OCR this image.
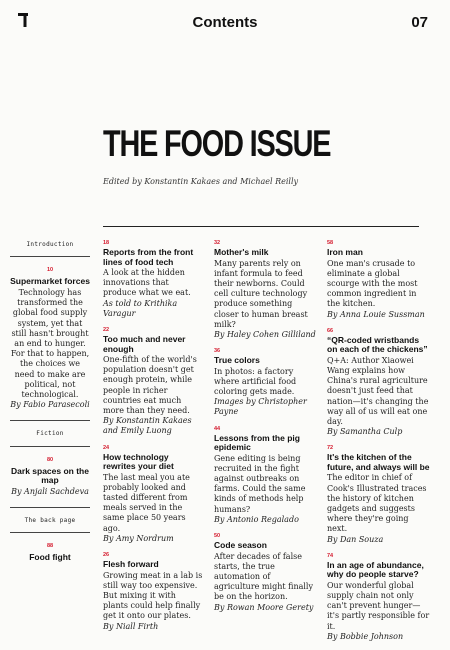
Contents	07
THE FOOD ISSUE
Edited by Konstantin Kakaes and Michael Reilly
Introduction
10
Supermarket forces
Technology has transformed the global food supply system, yet that still hasn't brought an end to hunger. For that to happen, the choices we need to make are political, not technological.
By Fabio Parasecoli
Fiction
80
Dark spaces on the map
By Anjali Sachdeva
The back page
88
Food fight
18
Reports from the front lines of food tech
A look at the hidden innovations that produce what we eat.
As told to Krithika Varagur
22
Too much and never enough
One-fifth of the world's population doesn't get enough protein, while people in richer countries eat much more than they need.
By Konstantin Kakaes and Emily Luong
24
How technology rewrites your diet
The last meal you ate probably looked and tasted different from meals served in the same place 50 years ago.
By Amy Nordrum
26
Flesh forward
Growing meat in a lab is still way too expensive. But mixing it with plants could help finally get it onto our plates.
By Niall Firth
32
Mother's milk
Many parents rely on infant formula to feed their newborns. Could cell culture technology produce something closer to human breast milk?
By Haley Cohen Gilliland
36
True colors
In photos: a factory where artificial food coloring gets made.
Images by Christopher Payne
44
Lessons from the pig epidemic
Gene editing is being recruited in the fight against outbreaks on farms. Could the same kinds of methods help humans?
By Antonio Regalado
50
Code season
After decades of false starts, the true automation of agriculture might finally be on the horizon.
By Rowan Moore Gerety
58
Iron man
One man's crusade to eliminate a global scourge with the most common ingredient in the kitchen.
By Anna Louie Sussman
66
“QR-coded wristbands on each of the chickens”
Q+A: Author Xiaowei Wang explains how China's rural agriculture doesn't just feed that nation—it's changing the way all of us will eat one day.
By Samantha Culp
72
It's the kitchen of the future, and always will be
The editor in chief of Cook's Illustrated traces the history of kitchen gadgets and suggests where they're going next.
By Dan Souza
74
In an age of abundance, why do people starve?
Our wonderful global supply chain not only can't prevent hunger—it's partly responsible for it.
By Bobbie Johnson
